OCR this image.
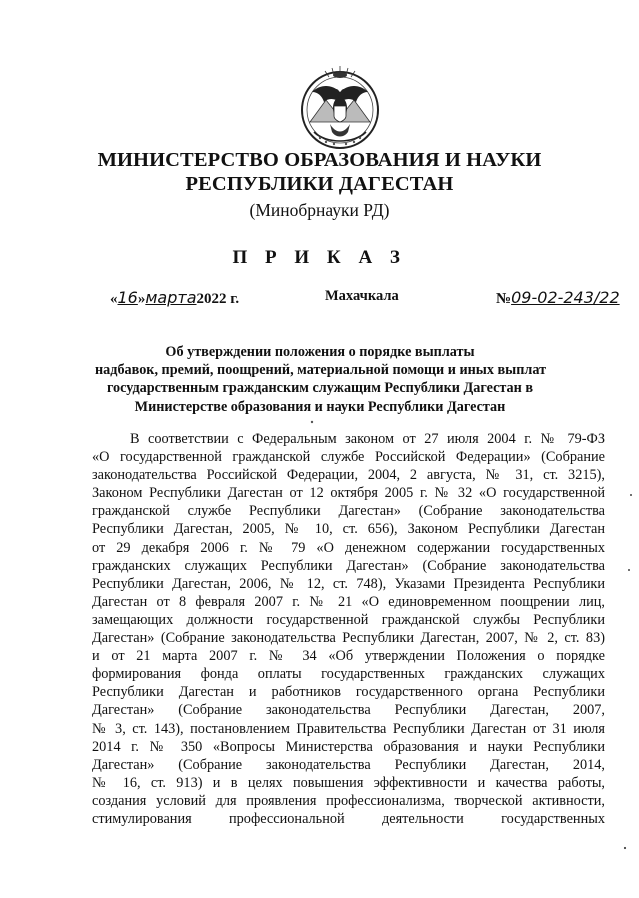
МИНИСТЕРСТВО ОБРАЗОВАНИЯ И НАУКИ
РЕСПУБЛИКИ ДАГЕСТАН
(Минобрнауки РД)
П Р И К А З
«16»марта2022 г.	Махачкала	№09-02-243/22
Об утверждении положения о порядке выплаты
надбавок, премий, поощрений, материальной помощи и иных выплат
государственным гражданским служащим Республики Дагестан в
Министерстве образования и науки Республики Дагестан
В соответствии с Федеральным законом от 27 июля 2004 г. № 79-ФЗ
«О государственной гражданской службе Российской Федерации» (Собрание
законодательства Российской Федерации, 2004, 2 августа, № 31, ст. 3215),
Законом Республики Дагестан от 12 октября 2005 г. № 32 «О государственной
гражданской службе Республики Дагестан» (Собрание законодательства
Республики Дагестан, 2005, № 10, ст. 656), Законом Республики Дагестан
от 29 декабря 2006 г. № 79 «О денежном содержании государственных
гражданских служащих Республики Дагестан» (Собрание законодательства
Республики Дагестан, 2006, № 12, ст. 748), Указами Президента Республики
Дагестан от 8 февраля 2007 г. № 21 «О единовременном поощрении лиц,
замещающих должности государственной гражданской службы Республики
Дагестан» (Собрание законодательства Республики Дагестан, 2007, № 2, ст. 83)
и от 21 марта 2007 г. № 34 «Об утверждении Положения о порядке
формирования фонда оплаты государственных гражданских служащих
Республики Дагестан и работников государственного органа Республики
Дагестан» (Собрание законодательства Республики Дагестан, 2007,
№ 3, ст. 143), постановлением Правительства Республики Дагестан от 31 июля
2014 г. № 350 «Вопросы Министерства образования и науки Республики
Дагестан» (Собрание законодательства Республики Дагестан, 2014,
№ 16, ст. 913) и в целях повышения эффективности и качества работы,
создания условий для проявления профессионализма, творческой активности,
стимулирования профессиональной деятельности государственных
